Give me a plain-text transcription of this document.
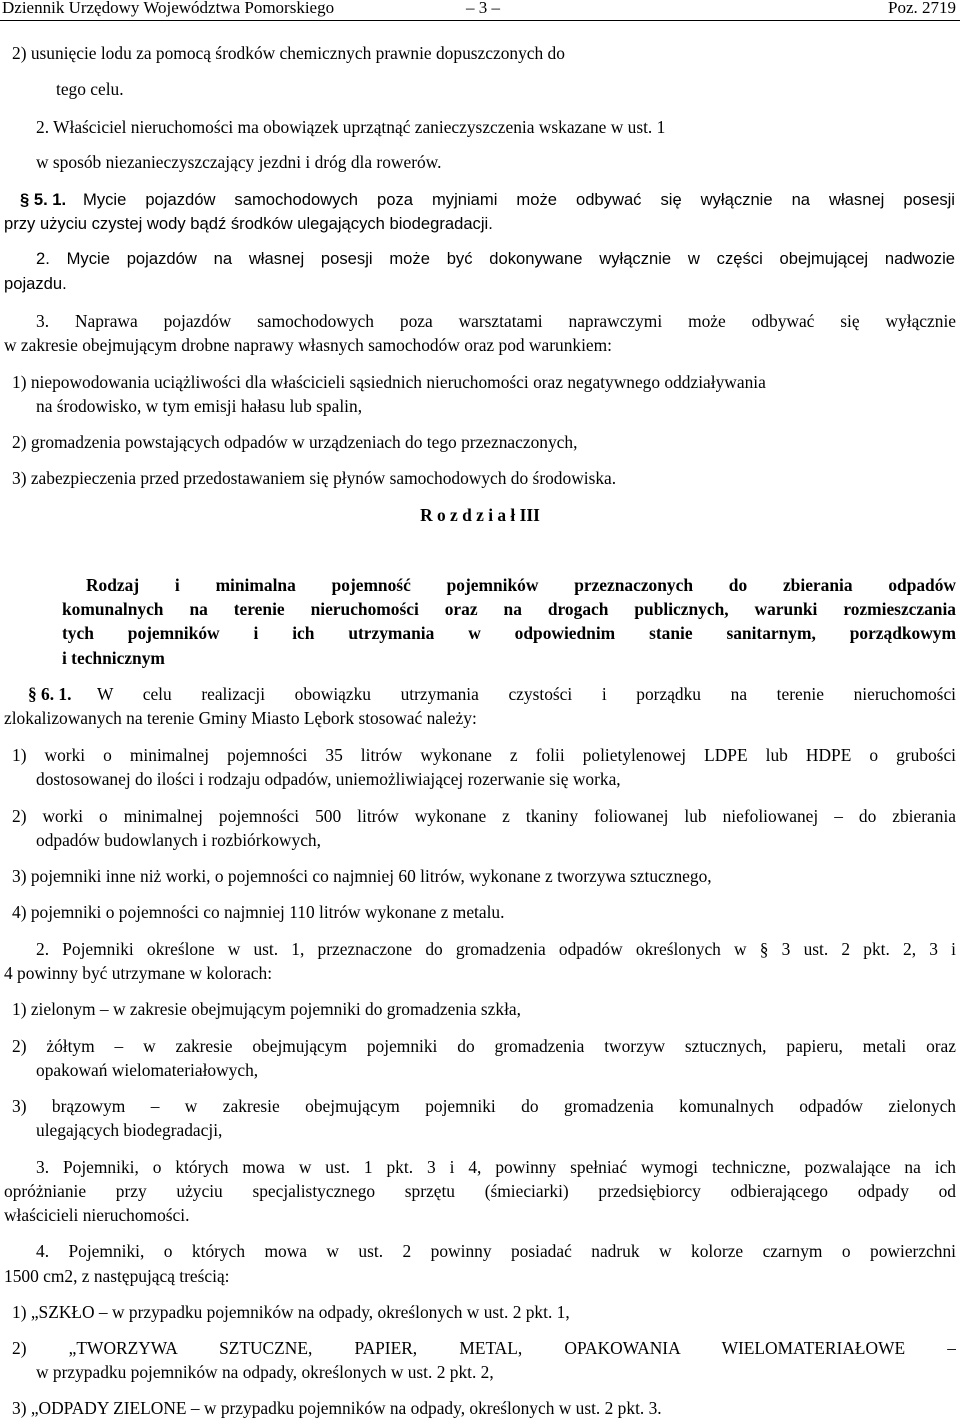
Dziennik Urzędowy Województwa Pomorskiego	– 3 –	Poz. 2719
2) usunięcie lodu za pomocą środków chemicznych prawnie dopuszczonych do
tego celu.
2. Właściciel nieruchomości ma obowiązek uprzątnąć zanieczyszczenia wskazane w ust. 1
w sposób niezanieczyszczający jezdni i dróg dla rowerów.
§ 5. 1. Mycie pojazdów samochodowych poza myjniami może odbywać się wyłącznie na własnej posesji
przy użyciu czystej wody bądź środków ulegających biodegradacji.
2. Mycie pojazdów na własnej posesji może być dokonywane wyłącznie w części obejmującej nadwozie
pojazdu.
3. Naprawa pojazdów samochodowych poza warsztatami naprawczymi może odbywać się wyłącznie
w zakresie obejmującym drobne naprawy własnych samochodów oraz pod warunkiem:
1) niepowodowania uciążliwości dla właścicieli sąsiednich nieruchomości oraz negatywnego oddziaływania
na środowisko, w tym emisji hałasu lub spalin,
2) gromadzenia powstających odpadów w urządzeniach do tego przeznaczonych,
3) zabezpieczenia przed przedostawaniem się płynów samochodowych do środowiska.
R o z d z i a ł III
Rodzaj i minimalna pojemność pojemników przeznaczonych do zbierania odpadów
komunalnych na terenie nieruchomości oraz na drogach publicznych, warunki rozmieszczania
tych pojemników i ich utrzymania w odpowiednim stanie sanitarnym, porządkowym
i technicznym
§ 6. 1. W celu realizacji obowiązku utrzymania czystości i porządku na terenie nieruchomości
zlokalizowanych na terenie Gminy Miasto Lębork stosować należy:
1) worki o minimalnej pojemności 35 litrów wykonane z folii polietylenowej LDPE lub HDPE o grubości
dostosowanej do ilości i rodzaju odpadów, uniemożliwiającej rozerwanie się worka,
2) worki o minimalnej pojemności 500 litrów wykonane z tkaniny foliowanej lub niefoliowanej – do zbierania
odpadów budowlanych i rozbiórkowych,
3) pojemniki inne niż worki, o pojemności co najmniej 60 litrów, wykonane z tworzywa sztucznego,
4) pojemniki o pojemności co najmniej 110 litrów wykonane z metalu.
2. Pojemniki określone w ust. 1, przeznaczone do gromadzenia odpadów określonych w § 3 ust. 2 pkt. 2, 3 i
4 powinny być utrzymane w kolorach:
1) zielonym – w zakresie obejmującym pojemniki do gromadzenia szkła,
2) żółtym – w zakresie obejmującym pojemniki do gromadzenia tworzyw sztucznych, papieru, metali oraz
opakowań wielomateriałowych,
3) brązowym – w zakresie obejmującym pojemniki do gromadzenia komunalnych odpadów zielonych
ulegających biodegradacji,
3. Pojemniki, o których mowa w ust. 1 pkt. 3 i 4, powinny spełniać wymogi techniczne, pozwalające na ich
opróżnianie przy użyciu specjalistycznego sprzętu (śmieciarki) przedsiębiorcy odbierającego odpady od
właścicieli nieruchomości.
4. Pojemniki, o których mowa w ust. 2 powinny posiadać nadruk w kolorze czarnym o powierzchni
1500 cm2, z następującą treścią:
1) „SZKŁO – w przypadku pojemników na odpady, określonych w ust. 2 pkt. 1,
2) „TWORZYWA SZTUCZNE, PAPIER, METAL, OPAKOWANIA WIELOMATERIAŁOWE –
w przypadku pojemników na odpady, określonych w ust. 2 pkt. 2,
3) „ODPADY ZIELONE – w przypadku pojemników na odpady, określonych w ust. 2 pkt. 3.
